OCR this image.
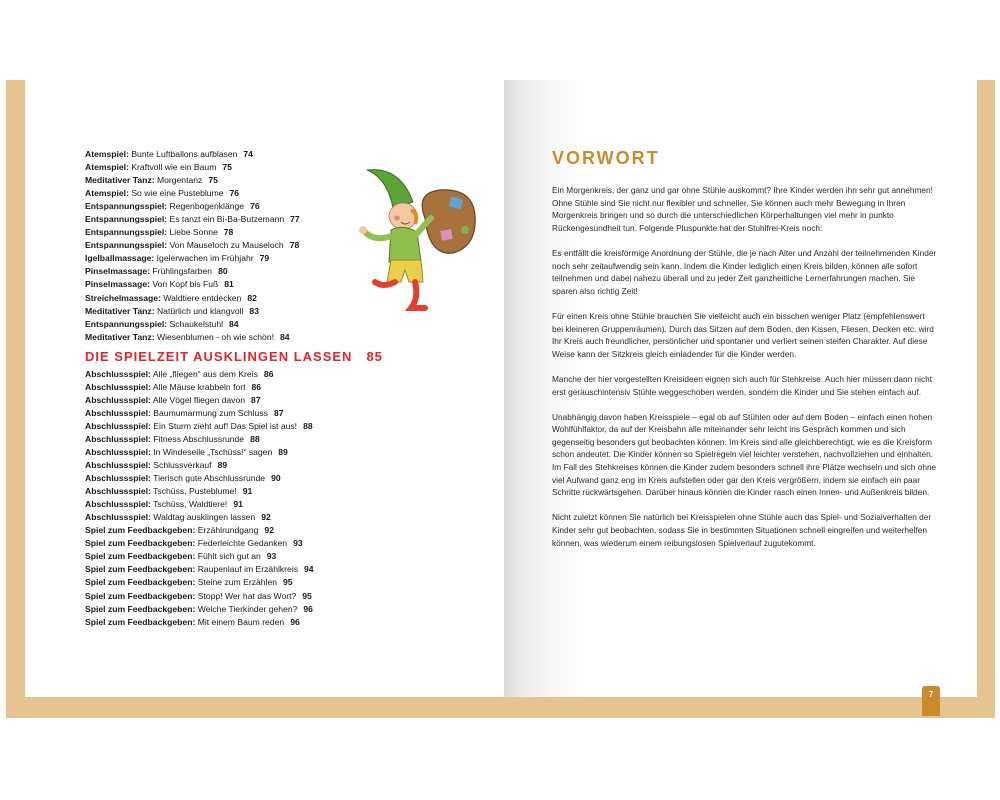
Atemspiel: Bunte Luftballons aufblasen 74
Atemspiel: Kraftvoll wie ein Baum 75
Meditativer Tanz: Morgentanz 75
Atemspiel: So wie eine Pusteblume 76
Entspannungsspiel: Regenbogenklänge 76
Entspannungsspiel: Es tanzt ein Bi-Ba-Butzemann 77
Entspannungsspiel: Liebe Sonne 78
Entspannungsspiel: Von Mauseloch zu Mauseloch 78
Igelballmassage: Igelerwachen im Frühjahr 79
Pinselmassage: Frühlingsfarben 80
Pinselmassage: Von Kopf bis Fuß 81
Streichelmassage: Waldtiere entdecken 82
Meditativer Tanz: Natürlich und klangvoll 83
Entspannungsspiel: Schaukelstuhl 84
Meditativer Tanz: Wiesenblumen - oh wie schön! 84
DIE SPIELZEIT AUSKLINGEN LASSEN 85
Abschlussspiel: Alle „fliegen“ aus dem Kreis 86
Abschlussspiel: Alle Mäuse krabbeln fort 86
Abschlussspiel: Alle Vögel fliegen davon 87
Abschlussspiel: Baumumarmung zum Schluss 87
Abschlussspiel: Ein Sturm zieht auf! Das Spiel ist aus! 88
Abschlussspiel: Fitness Abschlussrunde 88
Abschlussspiel: In Windeseile „Tschüss!“ sagen 89
Abschlussspiel: Schlussverkauf 89
Abschlussspiel: Tierisch gute Abschlussrunde 90
Abschlussspiel: Tschüss, Pusteblume! 91
Abschlussspiel: Tschüss, Waldtiere! 91
Abschlussspiel: Waldtag ausklingen lassen 92
Spiel zum Feedbackgeben: Erzählrundgang 92
Spiel zum Feedbackgeben: Federleichte Gedanken 93
Spiel zum Feedbackgeben: Fühlt sich gut an 93
Spiel zum Feedbackgeben: Raupenlauf im Erzählkreis 94
Spiel zum Feedbackgeben: Steine zum Erzählen 95
Spiel zum Feedbackgeben: Stopp! Wer hat das Wort? 95
Spiel zum Feedbackgeben: Welche Tierkinder gehen? 96
Spiel zum Feedbackgeben: Mit einem Baum reden 96
VORWORT

Ein Morgenkreis, der ganz und gar ohne Stühle auskommt? Ihre Kinder werden ihn sehr gut annehmen! Ohne Stühle sind Sie nicht nur flexibler und schneller, Sie können auch mehr Bewegung in Ihren Morgenkreis bringen und so durch die unterschiedlichen Körperhaltungen viel mehr in punkto Rückengesundheit tun. Folgende Pluspunkte hat der Stuhlfrei-Kreis noch:

Es entfällt die kreisförmige Anordnung der Stühle, die je nach Alter und Anzahl der teilnehmenden Kinder noch sehr zeitaufwendig sein kann. Indem die Kinder lediglich einen Kreis bilden, können alle sofort teilnehmen und dabei nahezu überall und zu jeder Zeit ganzheitliche Lernerfahrungen machen. Sie sparen also richtig Zeit!

Für einen Kreis ohne Stühle brauchen Sie vielleicht auch ein bisschen weniger Platz (empfehlenswert bei kleineren Gruppenräumen). Durch das Sitzen auf dem Boden, den Kissen, Fliesen, Decken etc. wird Ihr Kreis auch freundlicher, persönlicher und spontaner und verliert seinen steifen Charakter. Auf diese Weise kann der Sitzkreis gleich einladender für die Kinder werden.

Manche der hier vorgestellten Kreisideen eignen sich auch für Stehkreise. Auch hier müssen dann nicht erst geräuschintensiv Stühle weggeschoben werden, sondern die Kinder und Sie stehen einfach auf.

Unabhängig davon haben Kreisspiele – egal ob auf Stühlen oder auf dem Boden – einfach einen hohen Wohlfühlfaktor, da auf der Kreisbahn alle miteinander sehr leicht ins Gespräch kommen und sich gegenseitig besonders gut beobachten können. Im Kreis sind alle gleichberechtigt, wie es die Kreisform schon andeutet. Die Kinder können so Spielregeln viel leichter verstehen, nachvollziehen und einhalten. Im Fall des Stehkreises können die Kinder zudem besonders schnell ihre Plätze wechseln und sich ohne viel Aufwand ganz eng im Kreis aufstellen oder gar den Kreis vergrößern, indem sie einfach ein paar Schritte rückwärtsgehen. Darüber hinaus können die Kinder rasch einen Innen- und Außenkreis bilden.

Nicht zuletzt können Sie natürlich bei Kreisspielen ohne Stühle auch das Spiel- und Sozialverhalten der Kinder sehr gut beobachten, sodass Sie in bestimmten Situationen schnell eingreifen und weiterhelfen können, was wiederum einem reibungslosen Spielverlauf zugutekommt.

7
